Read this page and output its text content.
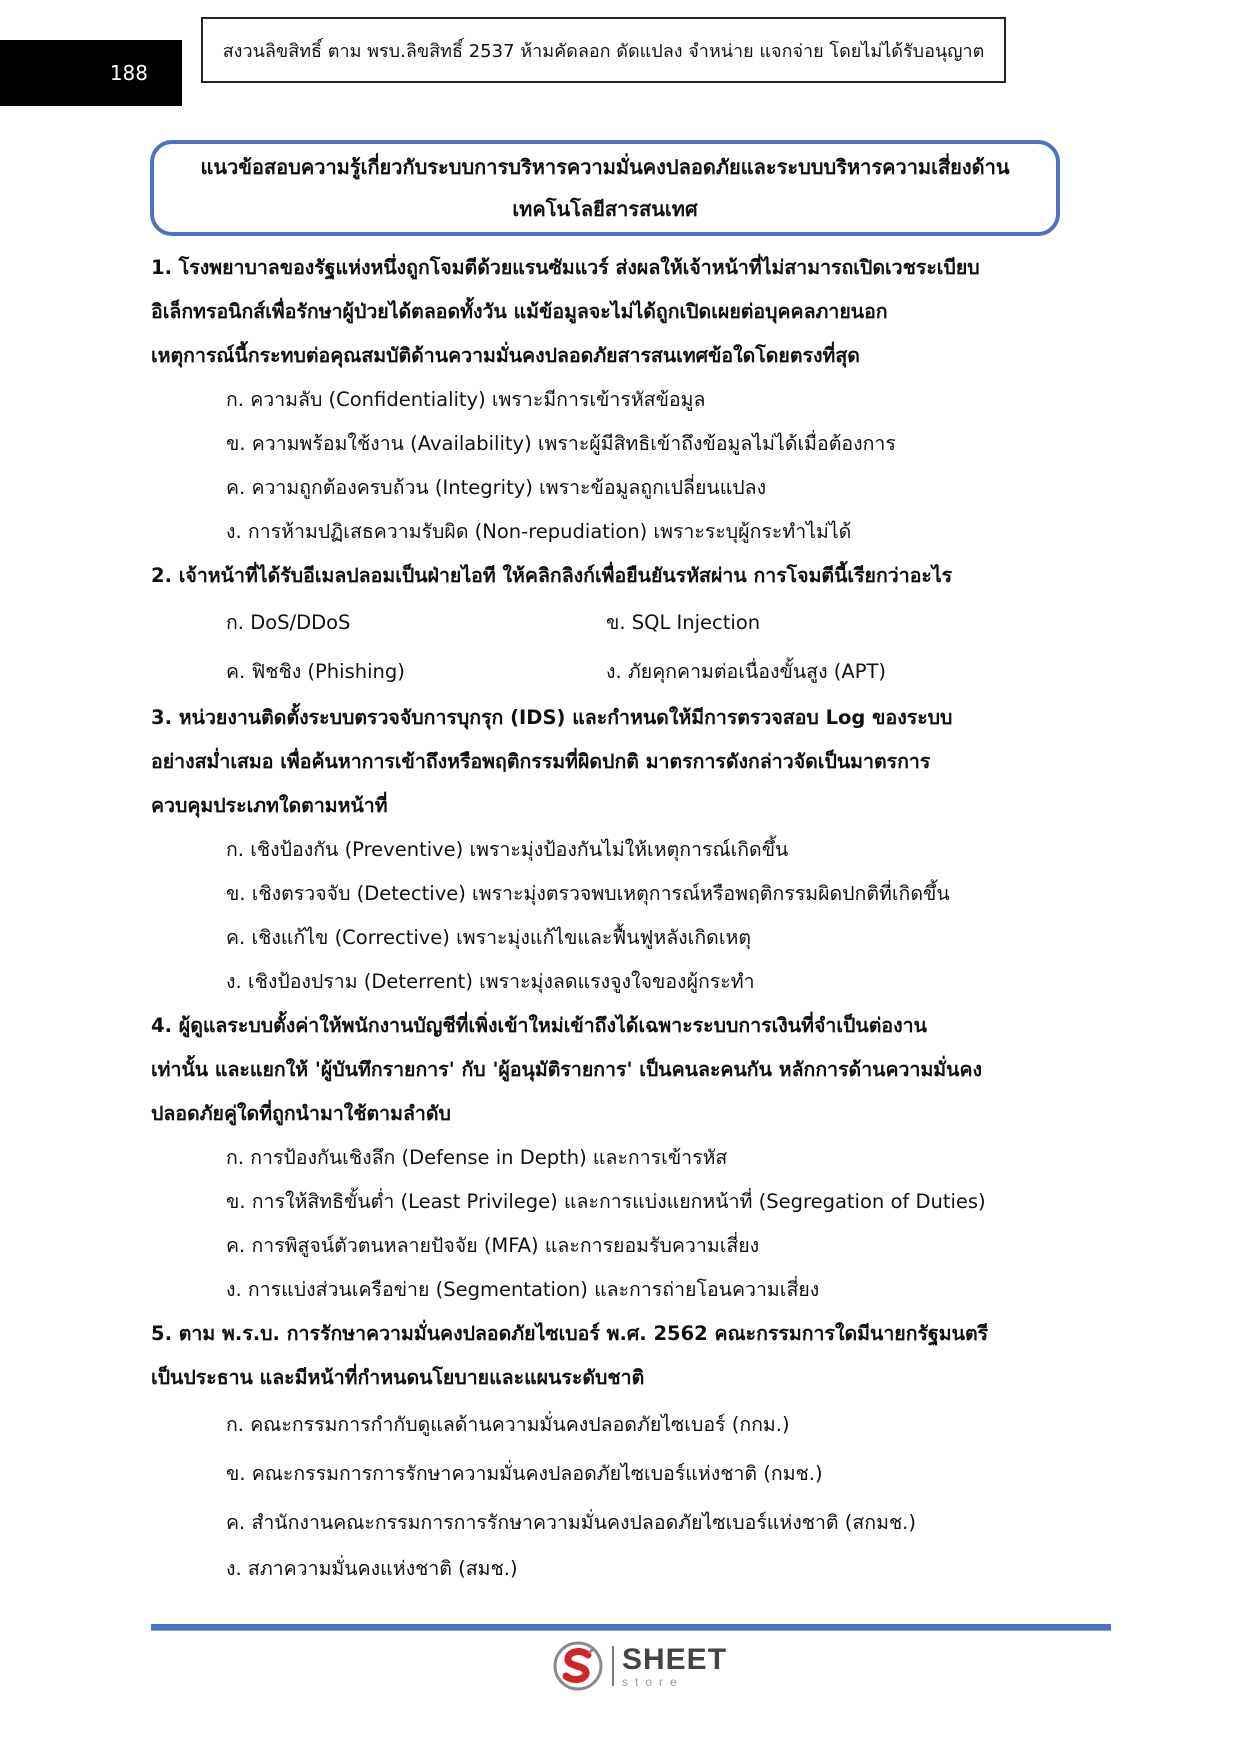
188
สงวนลิขสิทธิ์ ตาม พรบ.ลิขสิทธิ์ 2537 ห้ามคัดลอก ดัดแปลง จำหน่าย แจกจ่าย โดยไม่ได้รับอนุญาต
แนวข้อสอบความรู้เกี่ยวกับระบบการบริหารความมั่นคงปลอดภัยและระบบบริหารความเสี่ยงด้าน
เทคโนโลยีสารสนเทศ
1. โรงพยาบาลของรัฐแห่งหนึ่งถูกโจมตีด้วยแรนซัมแวร์ ส่งผลให้เจ้าหน้าที่ไม่สามารถเปิดเวชระเบียบ
อิเล็กทรอนิกส์เพื่อรักษาผู้ป่วยได้ตลอดทั้งวัน แม้ข้อมูลจะไม่ได้ถูกเปิดเผยต่อบุคคลภายนอก
เหตุการณ์นี้กระทบต่อคุณสมบัติด้านความมั่นคงปลอดภัยสารสนเทศข้อใดโดยตรงที่สุด
ก. ความลับ (Confidentiality) เพราะมีการเข้ารหัสข้อมูล
ข. ความพร้อมใช้งาน (Availability) เพราะผู้มีสิทธิเข้าถึงข้อมูลไม่ได้เมื่อต้องการ
ค. ความถูกต้องครบถ้วน (Integrity) เพราะข้อมูลถูกเปลี่ยนแปลง
ง. การห้ามปฏิเสธความรับผิด (Non-repudiation) เพราะระบุผู้กระทำไม่ได้
2. เจ้าหน้าที่ได้รับอีเมลปลอมเป็นฝ่ายไอที ให้คลิกลิงก์เพื่อยืนยันรหัสผ่าน การโจมตีนี้เรียกว่าอะไร
ก. DoS/DDoS	ข. SQL Injection
ค. ฟิชชิง (Phishing)	ง. ภัยคุกคามต่อเนื่องขั้นสูง (APT)
3. หน่วยงานติดตั้งระบบตรวจจับการบุกรุก (IDS) และกำหนดให้มีการตรวจสอบ Log ของระบบ
อย่างสม่ำเสมอ เพื่อค้นหาการเข้าถึงหรือพฤติกรรมที่ผิดปกติ มาตรการดังกล่าวจัดเป็นมาตรการ
ควบคุมประเภทใดตามหน้าที่
ก. เชิงป้องกัน (Preventive) เพราะมุ่งป้องกันไม่ให้เหตุการณ์เกิดขึ้น
ข. เชิงตรวจจับ (Detective) เพราะมุ่งตรวจพบเหตุการณ์หรือพฤติกรรมผิดปกติที่เกิดขึ้น
ค. เชิงแก้ไข (Corrective) เพราะมุ่งแก้ไขและฟื้นฟูหลังเกิดเหตุ
ง. เชิงป้องปราม (Deterrent) เพราะมุ่งลดแรงจูงใจของผู้กระทำ
4. ผู้ดูแลระบบตั้งค่าให้พนักงานบัญชีที่เพิ่งเข้าใหม่เข้าถึงได้เฉพาะระบบการเงินที่จำเป็นต่องาน
เท่านั้น และแยกให้ 'ผู้บันทึกรายการ' กับ 'ผู้อนุมัติรายการ' เป็นคนละคนกัน หลักการด้านความมั่นคง
ปลอดภัยคู่ใดที่ถูกนำมาใช้ตามลำดับ
ก. การป้องกันเชิงลึก (Defense in Depth) และการเข้ารหัส
ข. การให้สิทธิขั้นต่ำ (Least Privilege) และการแบ่งแยกหน้าที่ (Segregation of Duties)
ค. การพิสูจน์ตัวตนหลายปัจจัย (MFA) และการยอมรับความเสี่ยง
ง. การแบ่งส่วนเครือข่าย (Segmentation) และการถ่ายโอนความเสี่ยง
5. ตาม พ.ร.บ. การรักษาความมั่นคงปลอดภัยไซเบอร์ พ.ศ. 2562 คณะกรรมการใดมีนายกรัฐมนตรี
เป็นประธาน และมีหน้าที่กำหนดนโยบายและแผนระดับชาติ
ก. คณะกรรมการกำกับดูแลด้านความมั่นคงปลอดภัยไซเบอร์ (กกม.)
ข. คณะกรรมการการรักษาความมั่นคงปลอดภัยไซเบอร์แห่งชาติ (กมช.)
ค. สำนักงานคณะกรรมการการรักษาความมั่นคงปลอดภัยไซเบอร์แห่งชาติ (สกมช.)
ง. สภาความมั่นคงแห่งชาติ (สมช.)
SHEET
store
